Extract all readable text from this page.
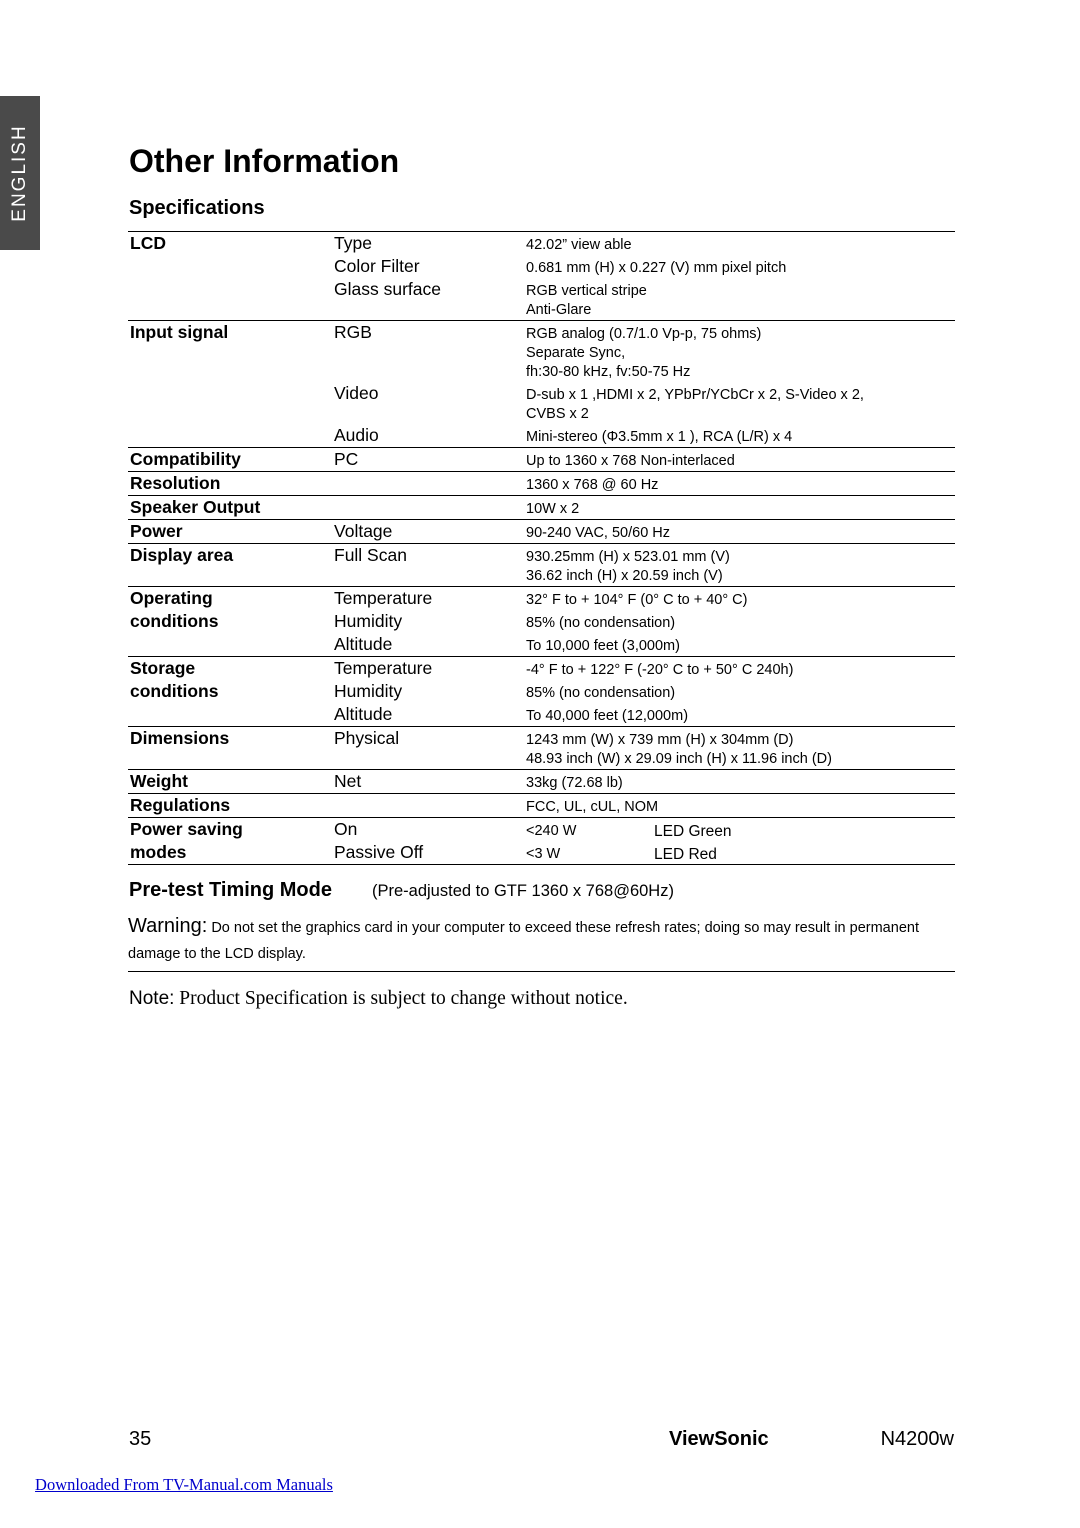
ENGLISH	Other Information
Specifications
LCD	Type	42.02” view able
Color Filter	0.681 mm (H) x 0.227 (V) mm pixel pitch
Glass surface	RGB vertical stripe
Anti-Glare
Input signal	RGB	RGB analog (0.7/1.0 Vp-p, 75 ohms)
Separate Sync,
fh:30-80 kHz, fv:50-75 Hz
Video	D-sub x 1 ,HDMI x 2, YPbPr/YCbCr x 2, S-Video x 2,
CVBS x 2
Audio	Mini-stereo (Φ3.5mm x 1 ), RCA (L/R) x 4
Compatibility	PC	Up to 1360 x 768 Non-interlaced
Resolution	1360 x 768 @ 60 Hz
Speaker Output	10W x 2
Power	Voltage	90-240 VAC, 50/60 Hz
Display area	Full Scan	930.25mm (H) x 523.01 mm (V)
36.62 inch (H) x 20.59 inch (V)
Operating	Temperature	32° F to + 104° F (0° C to + 40° C)
conditions	Humidity	85% (no condensation)
Altitude	To 10,000 feet (3,000m)
Storage	Temperature	-4° F to + 122° F (-20° C to + 50° C 240h)
conditions	Humidity	85% (no condensation)
Altitude	To 40,000 feet (12,000m)
Dimensions	Physical	1243 mm (W) x 739 mm (H) x 304mm (D)
48.93 inch (W) x 29.09 inch (H) x 11.96 inch (D)
Weight	Net	33kg (72.68 lb)
Regulations	FCC, UL, cUL, NOM
Power saving	On	<240 W	LED Green
modes	Passive Off	<3 W	LED Red
Pre-test Timing Mode (Pre-adjusted to GTF 1360 x 768@60Hz)
Warning: Do not set the graphics card in your computer to exceed these refresh rates; doing so may result in permanent damage to the LCD display.
Note: Product Specification is subject to change without notice.
35	ViewSonic	N4200w
Downloaded From TV-Manual.com Manuals
